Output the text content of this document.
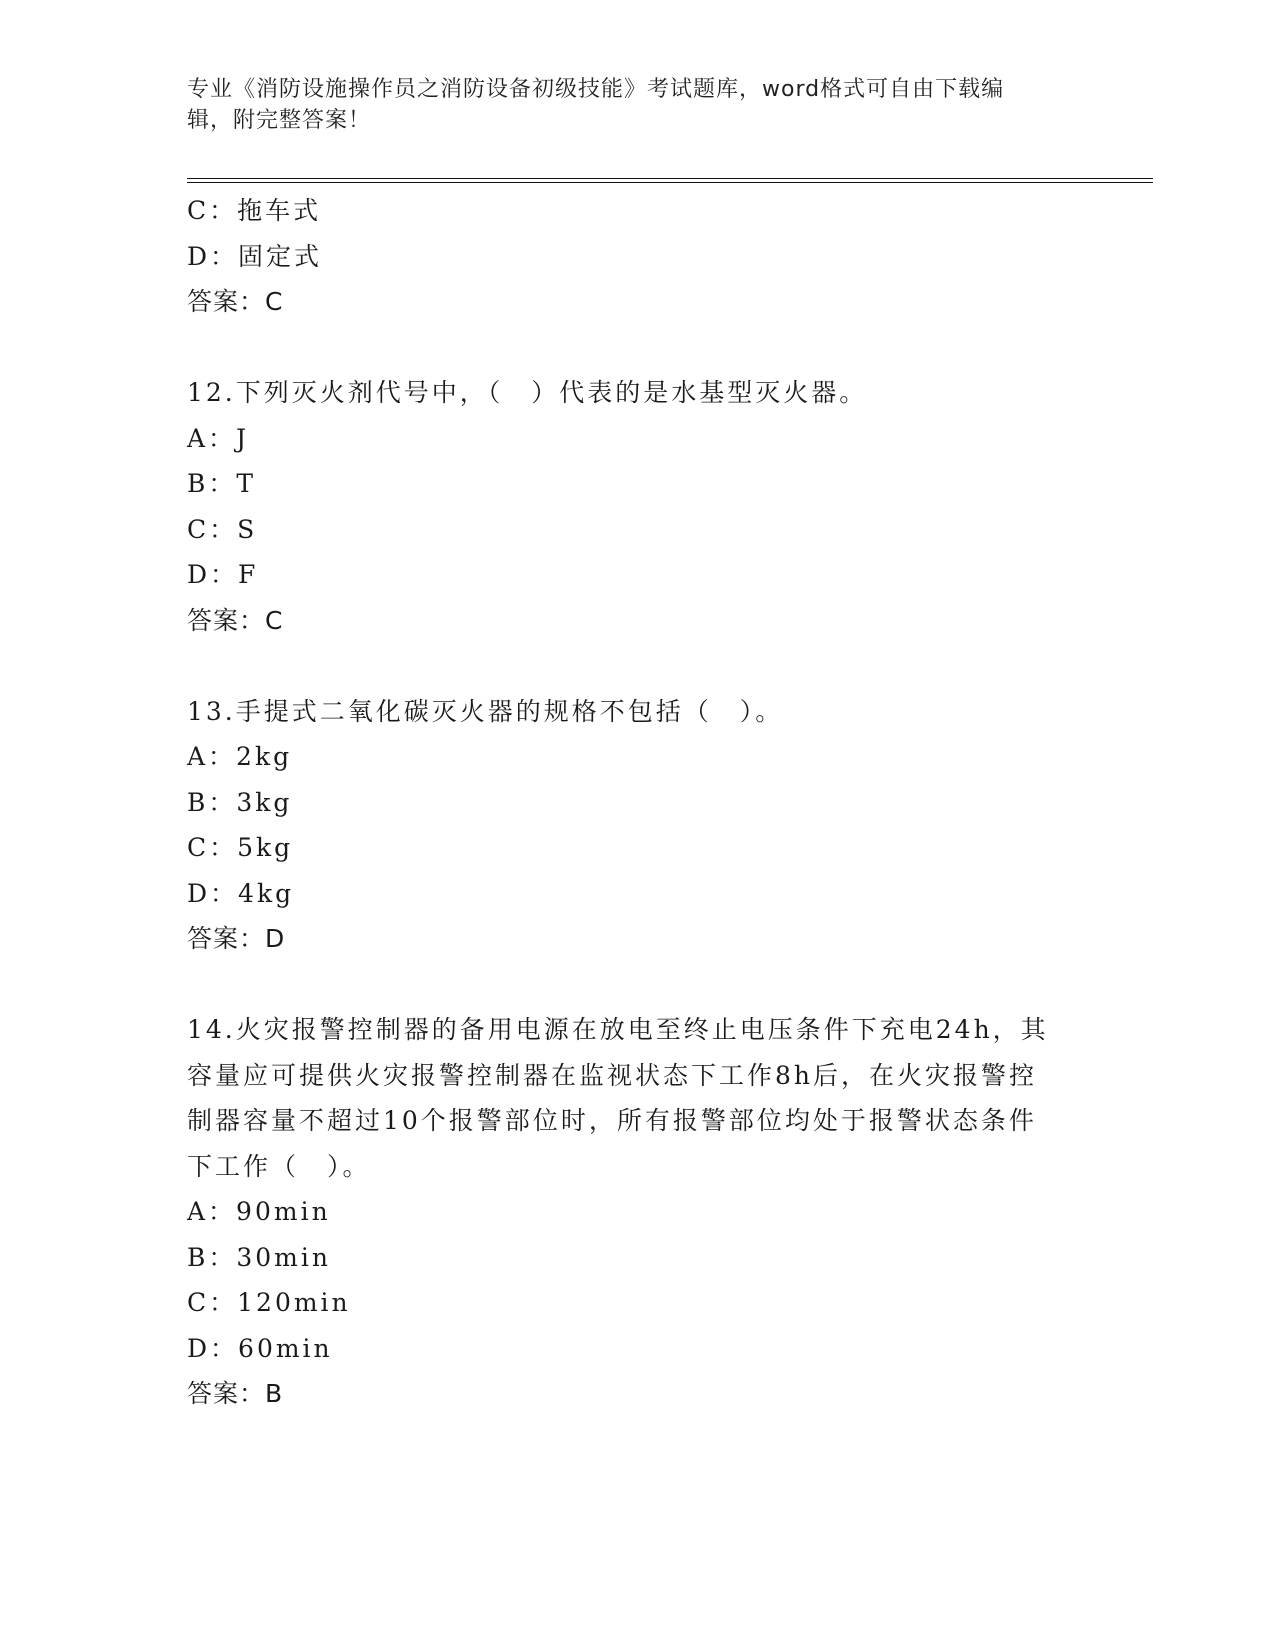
专业《消防设施操作员之消防设备初级技能》考试题库，word格式可自由下载编
辑，附完整答案！
C：拖车式
D：固定式
答案：C
12.下列灭火剂代号中，（　）代表的是水基型灭火器。
A：J
B：T
C：S
D：F
答案：C
13.手提式二氧化碳灭火器的规格不包括（　）。
A：2kg
B：3kg
C：5kg
D：4kg
答案：D
14.火灾报警控制器的备用电源在放电至终止电压条件下充电24h，其
容量应可提供火灾报警控制器在监视状态下工作8h后，在火灾报警控
制器容量不超过10个报警部位时，所有报警部位均处于报警状态条件
下工作（　）。
A：90min
B：30min
C：120min
D：60min
答案：B
